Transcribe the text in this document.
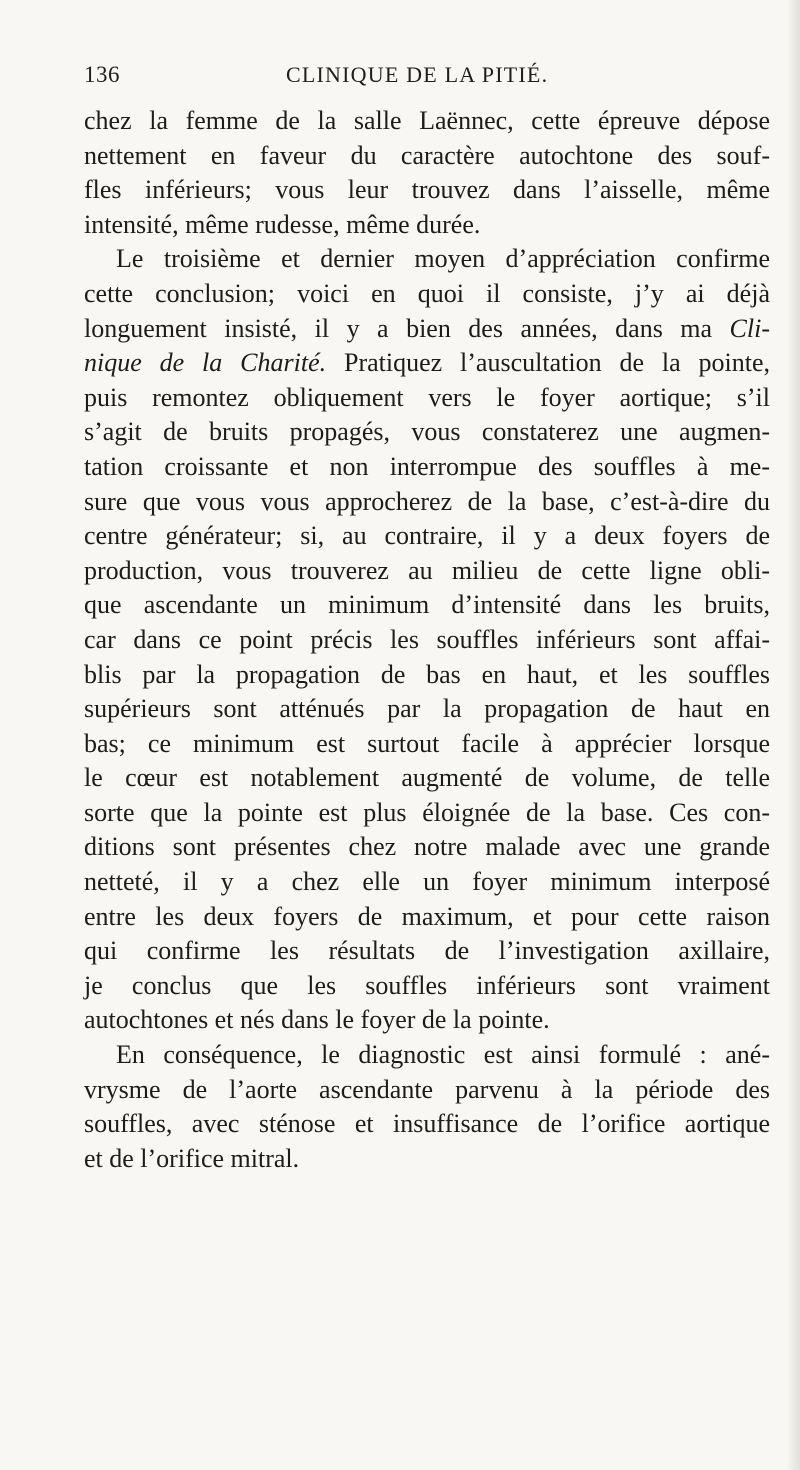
136	CLINIQUE DE LA PITIÉ.
chez la femme de la salle Laënnec, cette épreuve dépose
nettement en faveur du caractère autochtone des souf-
fles inférieurs; vous leur trouvez dans l’aisselle, même
intensité, même rudesse, même durée.
Le troisième et dernier moyen d’appréciation confirme
cette conclusion; voici en quoi il consiste, j’y ai déjà
longuement insisté, il y a bien des années, dans ma Cli-
nique de la Charité. Pratiquez l’auscultation de la pointe,
puis remontez obliquement vers le foyer aortique; s’il
s’agit de bruits propagés, vous constaterez une augmen-
tation croissante et non interrompue des souffles à me-
sure que vous vous approcherez de la base, c’est-à-dire du
centre générateur; si, au contraire, il y a deux foyers de
production, vous trouverez au milieu de cette ligne obli-
que ascendante un minimum d’intensité dans les bruits,
car dans ce point précis les souffles inférieurs sont affai-
blis par la propagation de bas en haut, et les souffles
supérieurs sont atténués par la propagation de haut en
bas; ce minimum est surtout facile à apprécier lorsque
le cœur est notablement augmenté de volume, de telle
sorte que la pointe est plus éloignée de la base. Ces con-
ditions sont présentes chez notre malade avec une grande
netteté, il y a chez elle un foyer minimum interposé
entre les deux foyers de maximum, et pour cette raison
qui confirme les résultats de l’investigation axillaire,
je conclus que les souffles inférieurs sont vraiment
autochtones et nés dans le foyer de la pointe.
En conséquence, le diagnostic est ainsi formulé : ané-
vrysme de l’aorte ascendante parvenu à la période des
souffles, avec sténose et insuffisance de l’orifice aortique
et de l’orifice mitral.
